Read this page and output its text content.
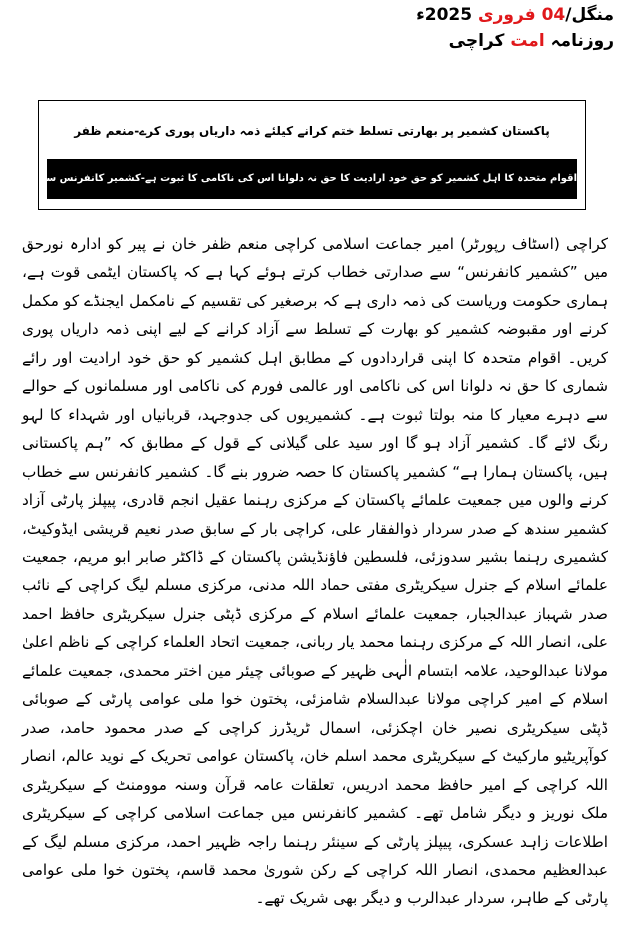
منگل/04 فروری 2025ء
روزنامہ امت کراچی
پاکستان کشمیر پر بھارتی تسلط ختم کرانے کیلئے ذمہ داریاں پوری کرے-منعم ظفر
اقوام متحدہ کا اہل کشمیر کو حق خود ارادیت کا حق نہ دلوانا اس کی ناکامی کا ثبوت ہے-کشمیر کانفرنس سے خطاب

کراچی (اسٹاف رپورٹر) امیر جماعت اسلامی کراچی منعم ظفر خان نے پیر کو ادارہ نورحق میں ”کشمیر کانفرنس“ سے صدارتی خطاب کرتے ہوئے کہا ہے کہ پاکستان ایٹمی قوت ہے، ہماری حکومت وریاست کی ذمہ داری ہے کہ برصغیر کی تقسیم کے نامکمل ایجنڈے کو مکمل کرنے اور مقبوضہ کشمیر کو بھارت کے تسلط سے آزاد کرانے کے لیے اپنی ذمہ داریاں پوری کریں۔ اقوام متحدہ کا اپنی قراردادوں کے مطابق اہل کشمیر کو حق خود ارادیت اور رائے شماری کا حق نہ دلوانا اس کی ناکامی اور عالمی فورم کی ناکامی اور مسلمانوں کے حوالے سے دہرے معیار کا منہ بولتا ثبوت ہے۔ کشمیریوں کی جدوجہد، قربانیاں اور شہداء کا لہو رنگ لائے گا۔ کشمیر آزاد ہو گا اور سید علی گیلانی کے قول کے مطابق کہ ”ہم پاکستانی ہیں، پاکستان ہمارا ہے“ کشمیر پاکستان کا حصہ ضرور بنے گا۔ کشمیر کانفرنس سے خطاب کرنے والوں میں جمعیت علمائے پاکستان کے مرکزی رہنما عقیل انجم قادری، پیپلز پارٹی آزاد کشمیر سندھ کے صدر سردار ذوالفقار علی، کراچی بار کے سابق صدر نعیم قریشی ایڈوکیٹ، کشمیری رہنما بشیر سدوزئی، فلسطین فاؤنڈیشن پاکستان کے ڈاکٹر صابر ابو مریم، جمعیت علمائے اسلام کے جنرل سیکریٹری مفتی حماد اللہ مدنی، مرکزی مسلم لیگ کراچی کے نائب صدر شہباز عبدالجبار، جمعیت علمائے اسلام کے مرکزی ڈپٹی جنرل سیکریٹری حافظ احمد علی، انصار اللہ کے مرکزی رہنما محمد یار ربانی، جمعیت اتحاد العلماء کراچی کے ناظم اعلیٰ مولانا عبدالوحید، علامہ ابتسام الٰہی ظہیر کے صوبائی چیئر مین اختر محمدی، جمعیت علمائے اسلام کے امیر کراچی مولانا عبدالسلام شامزئی، پختون خوا ملی عوامی پارٹی کے صوبائی ڈپٹی سیکریٹری نصیر خان اچکزئی، اسمال ٹریڈرز کراچی کے صدر محمود حامد، صدر کوآپریٹیو مارکیٹ کے سیکریٹری محمد اسلم خان، پاکستان عوامی تحریک کے نوید عالم، انصار اللہ کراچی کے امیر حافظ محمد ادریس، تعلقات عامہ قرآن وسنہ موومنٹ کے سیکریٹری ملک نوریز و دیگر شامل تھے۔ کشمیر کانفرنس میں جماعت اسلامی کراچی کے سیکریٹری اطلاعات زاہد عسکری، پیپلز پارٹی کے سینئر رہنما راجہ ظہیر احمد، مرکزی مسلم لیگ کے عبدالعظیم محمدی، انصار اللہ کراچی کے رکن شوریٰ محمد قاسم، پختون خوا ملی عوامی پارٹی کے طاہر، سردار عبدالرب و دیگر بھی شریک تھے۔
